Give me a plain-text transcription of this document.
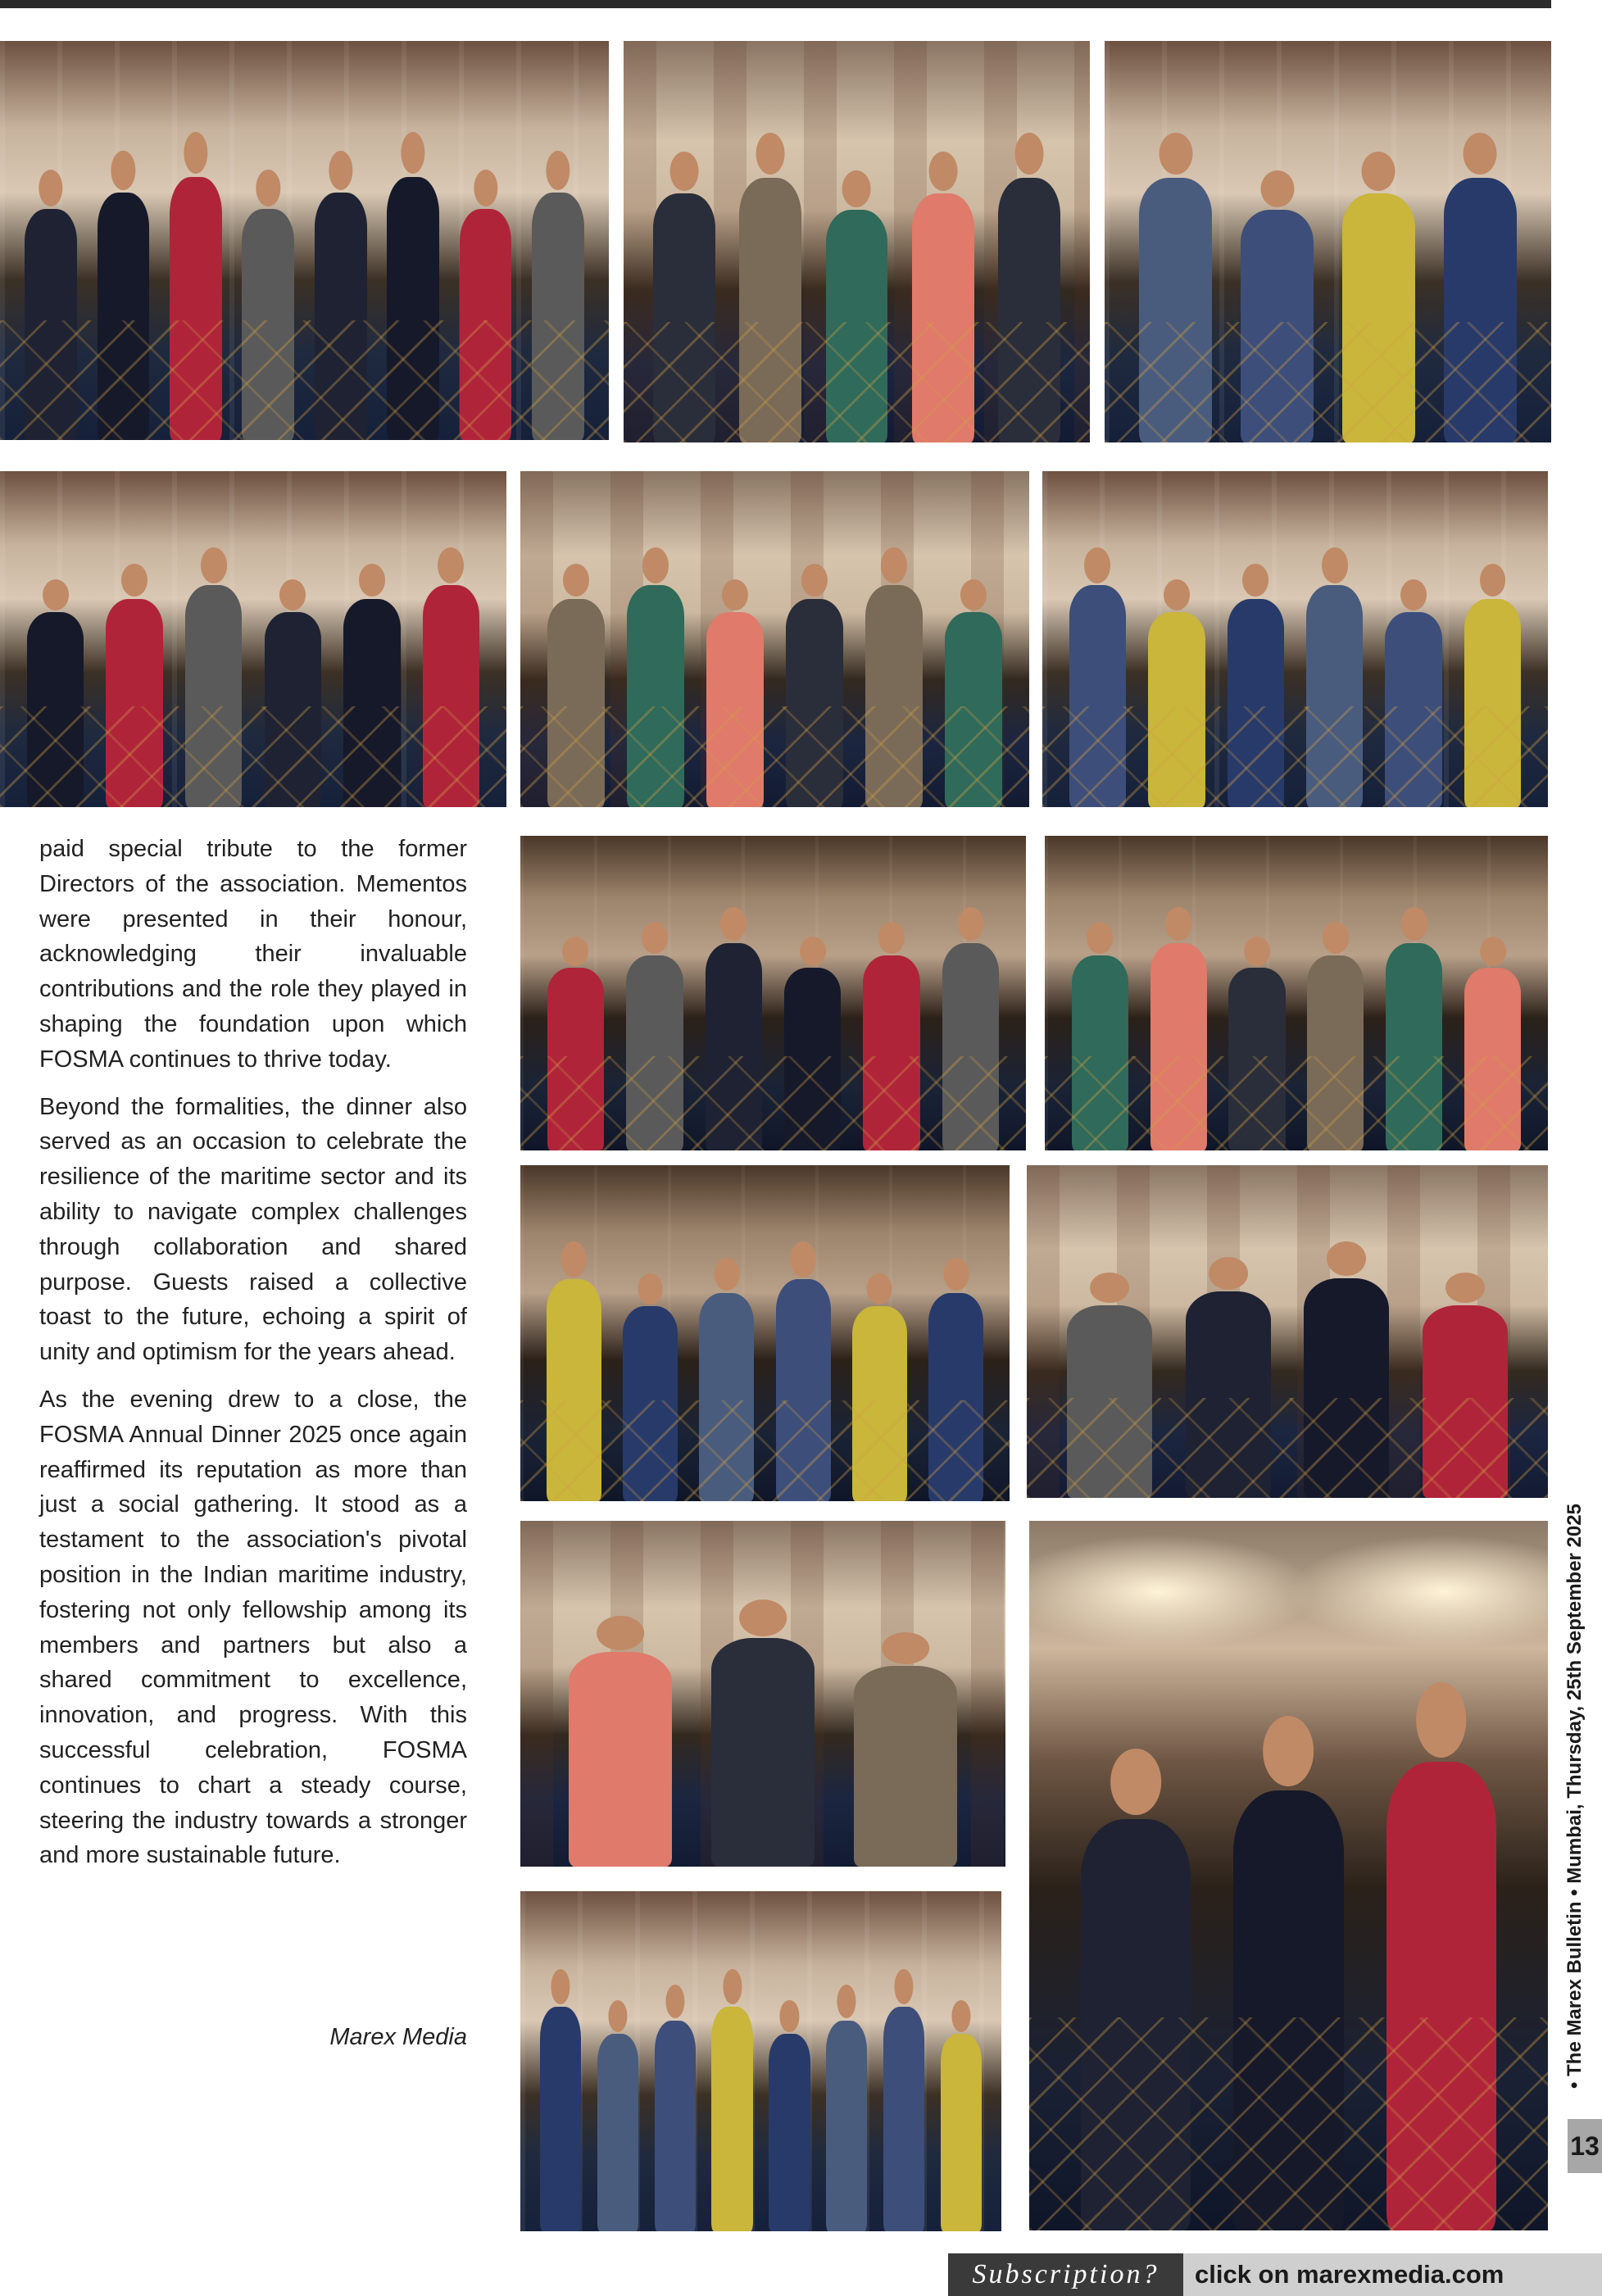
paid special tribute to the former Directors of the association. Mementos were presented in their honour, acknowledging their invaluable contributions and the role they played in shaping the foundation upon which FOSMA continues to thrive today.

Beyond the formalities, the dinner also served as an occasion to celebrate the resilience of the maritime sector and its ability to navigate complex challenges through collaboration and shared purpose. Guests raised a collective toast to the future, echoing a spirit of unity and optimism for the years ahead.

As the evening drew to a close, the FOSMA Annual Dinner 2025 once again reaffirmed its reputation as more than just a social gathering. It stood as a testament to the association's pivotal position in the Indian maritime industry, fostering not only fellowship among its members and partners but also a shared commitment to excellence, innovation, and progress. With this successful celebration, FOSMA continues to chart a steady course, steering the industry towards a stronger and more sustainable future.

Marex Media	• The Marex Bulletin • Mumbai, Thursday, 25th September 2025
13
Subscription?	click on marexmedia.com
